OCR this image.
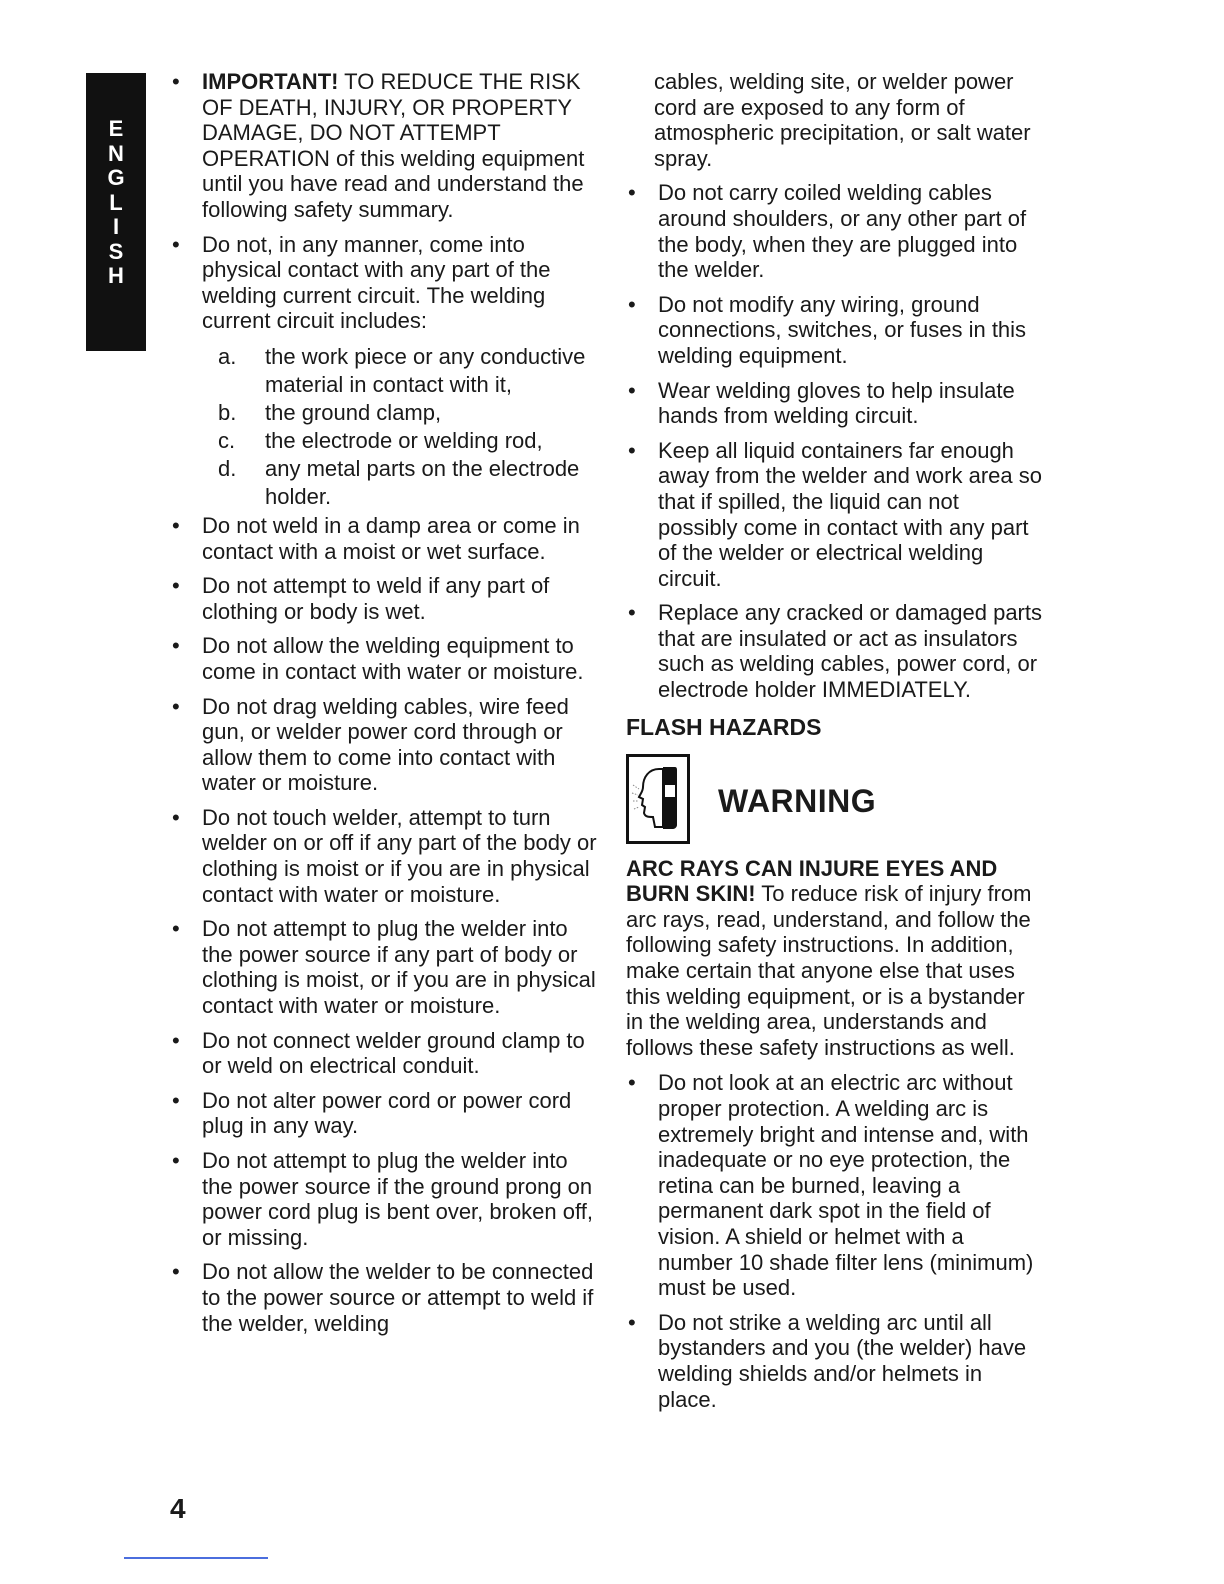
E
N
G
L
I
S
H
• IMPORTANT! TO REDUCE THE RISK OF DEATH, INJURY, OR PROPERTY DAMAGE, DO NOT ATTEMPT OPERATION of this welding equipment until you have read and understand the following safety summary.
• Do not, in any manner, come into physical contact with any part of the welding current circuit. The welding current circuit includes:
a. the work piece or any conductive material in contact with it,
b. the ground clamp,
c. the electrode or welding rod,
d. any metal parts on the electrode holder.
• Do not weld in a damp area or come in contact with a moist or wet surface.
• Do not attempt to weld if any part of clothing or body is wet.
• Do not allow the welding equipment to come in contact with water or moisture.
• Do not drag welding cables, wire feed gun, or welder power cord through or allow them to come into contact with water or moisture.
• Do not touch welder, attempt to turn welder on or off if any part of the body or clothing is moist or if you are in physical contact with water or moisture.
• Do not attempt to plug the welder into the power source if any part of body or clothing is moist, or if you are in physical contact with water or moisture.
• Do not connect welder ground clamp to or weld on electrical conduit.
• Do not alter power cord or power cord plug in any way.
• Do not attempt to plug the welder into the power source if the ground prong on power cord plug is bent over, broken off, or missing.
• Do not allow the welder to be connected to the power source or attempt to weld if the welder, welding
cables, welding site, or welder power cord are exposed to any form of atmospheric precipitation, or salt water spray.
• Do not carry coiled welding cables around shoulders, or any other part of the body, when they are plugged into the welder.
• Do not modify any wiring, ground connections, switches, or fuses in this welding equipment.
• Wear welding gloves to help insulate hands from welding circuit.
• Keep all liquid containers far enough away from the welder and work area so that if spilled, the liquid can not possibly come in contact with any part of the welder or electrical welding circuit.
• Replace any cracked or damaged parts that are insulated or act as insulators such as welding cables, power cord, or electrode holder IMMEDIATELY.
FLASH HAZARDS
WARNING
ARC RAYS CAN INJURE EYES AND BURN SKIN! To reduce risk of injury from arc rays, read, understand, and follow the following safety instructions. In addition, make certain that anyone else that uses this welding equipment, or is a bystander in the welding area, understands and follows these safety instructions as well.
• Do not look at an electric arc without proper protection. A welding arc is extremely bright and intense and, with inadequate or no eye protection, the retina can be burned, leaving a permanent dark spot in the field of vision. A shield or helmet with a number 10 shade filter lens (minimum) must be used.
• Do not strike a welding arc until all bystanders and you (the welder) have welding shields and/or helmets in place.
4
